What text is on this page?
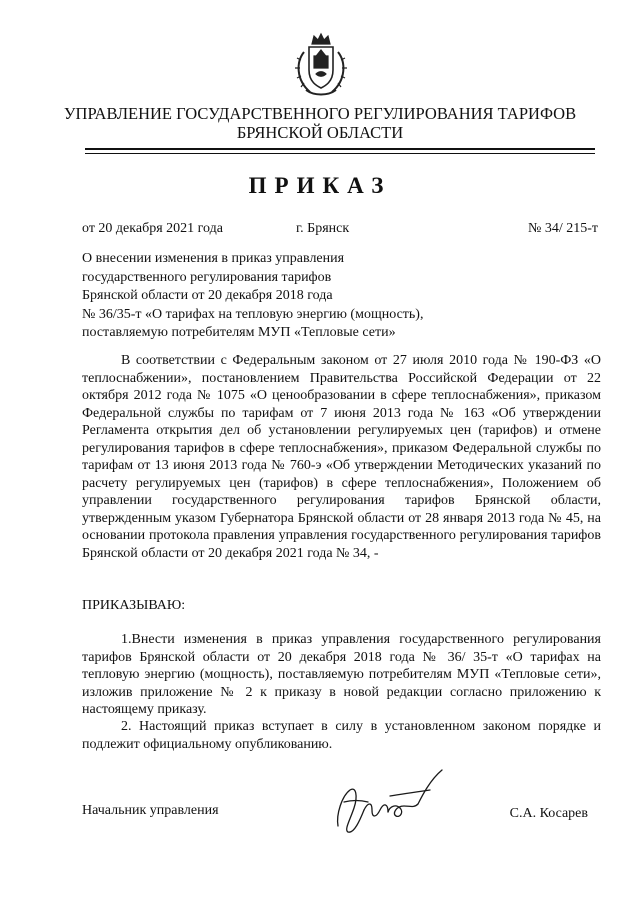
УПРАВЛЕНИЕ ГОСУДАРСТВЕННОГО РЕГУЛИРОВАНИЯ ТАРИФОВ
БРЯНСКОЙ ОБЛАСТИ
ПРИКАЗ
от 20 декабря 2021 года	г. Брянск	№ 34/ 215-т
О внесении изменения в приказ управления
государственного регулирования тарифов
Брянской области от 20 декабря 2018 года
№ 36/35-т «О тарифах на тепловую энергию (мощность),
поставляемую потребителям МУП «Тепловые сети»
В соответствии с Федеральным законом от 27 июля 2010 года № 190-ФЗ «О теплоснабжении», постановлением Правительства Российской Федерации от 22 октября 2012 года № 1075 «О ценообразовании в сфере теплоснабжения», приказом Федеральной службы по тарифам от 7 июня 2013 года № 163 «Об утверждении Регламента открытия дел об установлении регулируемых цен (тарифов) и отмене регулирования тарифов в сфере теплоснабжения», приказом Федеральной службы по тарифам от 13 июня 2013 года № 760-э «Об утверждении Методических указаний по расчету регулируемых цен (тарифов) в сфере теплоснабжения», Положением об управлении государственного регулирования тарифов Брянской области, утвержденным указом Губернатора Брянской области от 28 января 2013 года № 45, на основании протокола правления управления государственного регулирования тарифов Брянской области от 20 декабря 2021 года № 34, -
ПРИКАЗЫВАЮ:
1.Внести изменения в приказ управления государственного регулирования тарифов Брянской области от 20 декабря 2018 года № 36/ 35-т «О тарифах на тепловую энергию (мощность), поставляемую потребителям МУП «Тепловые сети», изложив приложение № 2 к приказу в новой редакции согласно приложению к настоящему приказу.
2. Настоящий приказ вступает в силу в установленном законом порядке и подлежит официальному опубликованию.
Начальник управления	С.А. Косарев
